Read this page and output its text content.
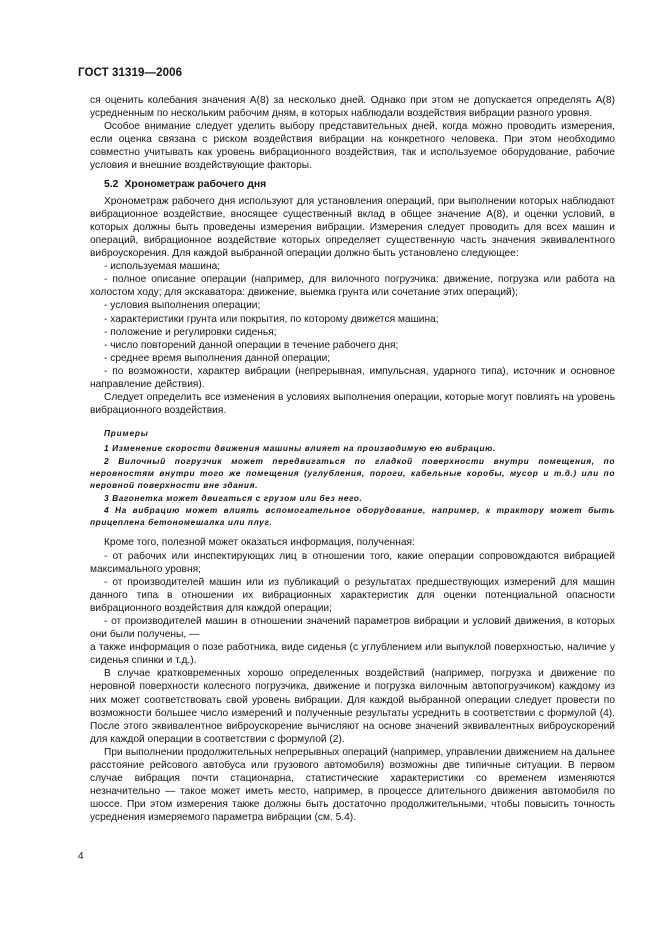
ГОСТ 31319—2006

ся оценить колебания значения A(8) за несколько дней. Однако при этом не допускается определять A(8) усредненным по нескольким рабочим дням, в которых наблюдали воздействия вибрации разного уровня.

Особое внимание следует уделить выбору представительных дней, когда можно проводить измерения, если оценка связана с риском воздействия вибрации на конкретного человека. При этом необходимо совместно учитывать как уровень вибрационного воздействия, так и используемое оборудование, рабочие условия и внешние воздействующие факторы.

5.2 Хронометраж рабочего дня

Хронометраж рабочего дня используют для установления операций, при выполнении которых наблюдают вибрационное воздействие, вносящее существенный вклад в общее значение A(8), и оценки условий, в которых должны быть проведены измерения вибрации. Измерения следует проводить для всех машин и операций, вибрационное воздействие которых определяет существенную часть значения эквивалентного виброускорения. Для каждой выбранной операции должно быть установлено следующее:

- используемая машина;

- полное описание операции (например, для вилочного погрузчика: движение, погрузка или работа на холостом ходу; для экскаватора: движение, выемка грунта или сочетание этих операций);

- условия выполнения операции;

- характеристики грунта или покрытия, по которому движется машина;

- положение и регулировки сиденья;

- число повторений данной операции в течение рабочего дня;

- среднее время выполнения данной операции;

- по возможности, характер вибрации (непрерывная, импульсная, ударного типа), источник и основное направление действия).

Следует определить все изменения в условиях выполнения операции, которые могут повлиять на уровень вибрационного воздействия.

Примеры

1 Изменение скорости движения машины влияет на производимую ею вибрацию.

2 Вилочный погрузчик может передвигаться по гладкой поверхности внутри помещения, по неровностям внутри того же помещения (углубления, пороги, кабельные коробы, мусор и т.д.) или по неровной поверхности вне здания.

3 Вагонетка может двигаться с грузом или без него.

4 На вибрацию может влиять вспомогательное оборудование, например, к трактору может быть прицеплена бетономешалка или плуг.

Кроме того, полезной может оказаться информация, полученная:

- от рабочих или инспектирующих лиц в отношении того, какие операции сопровождаются вибрацией максимального уровня;

- от производителей машин или из публикаций о результатах предшествующих измерений для машин данного типа в отношении их вибрационных характеристик для оценки потенциальной опасности вибрационного воздействия для каждой операции;

- от производителей машин в отношении значений параметров вибрации и условий движения, в которых они были получены, —

а также информация о позе работника, виде сиденья (с углублением или выпуклой поверхностью, наличие у сиденья спинки и т.д.).

В случае кратковременных хорошо определенных воздействий (например, погрузка и движение по неровной поверхности колесного погрузчика, движение и погрузка вилочным автопогрузчиком) каждому из них может соответствовать свой уровень вибрации. Для каждой выбранной операции следует провести по возможности большее число измерений и полученные результаты усреднить в соответствии с формулой (4). После этого эквивалентное виброускорение вычисляют на основе значений эквивалентных виброускорений для каждой операции в соответствии с формулой (2).

При выполнении продолжительных непрерывных операций (например, управлении движением на дальнее расстояние рейсового автобуса или грузового автомобиля) возможны две типичные ситуации. В первом случае вибрация почти стационарна, статистические характеристики со временем изменяются незначительно — такое может иметь место, например, в процессе длительного движения автомобиля по шоссе. При этом измерения также должны быть достаточно продолжительными, чтобы повысить точность усреднения измеряемого параметра вибрации (см. 5.4).

4
